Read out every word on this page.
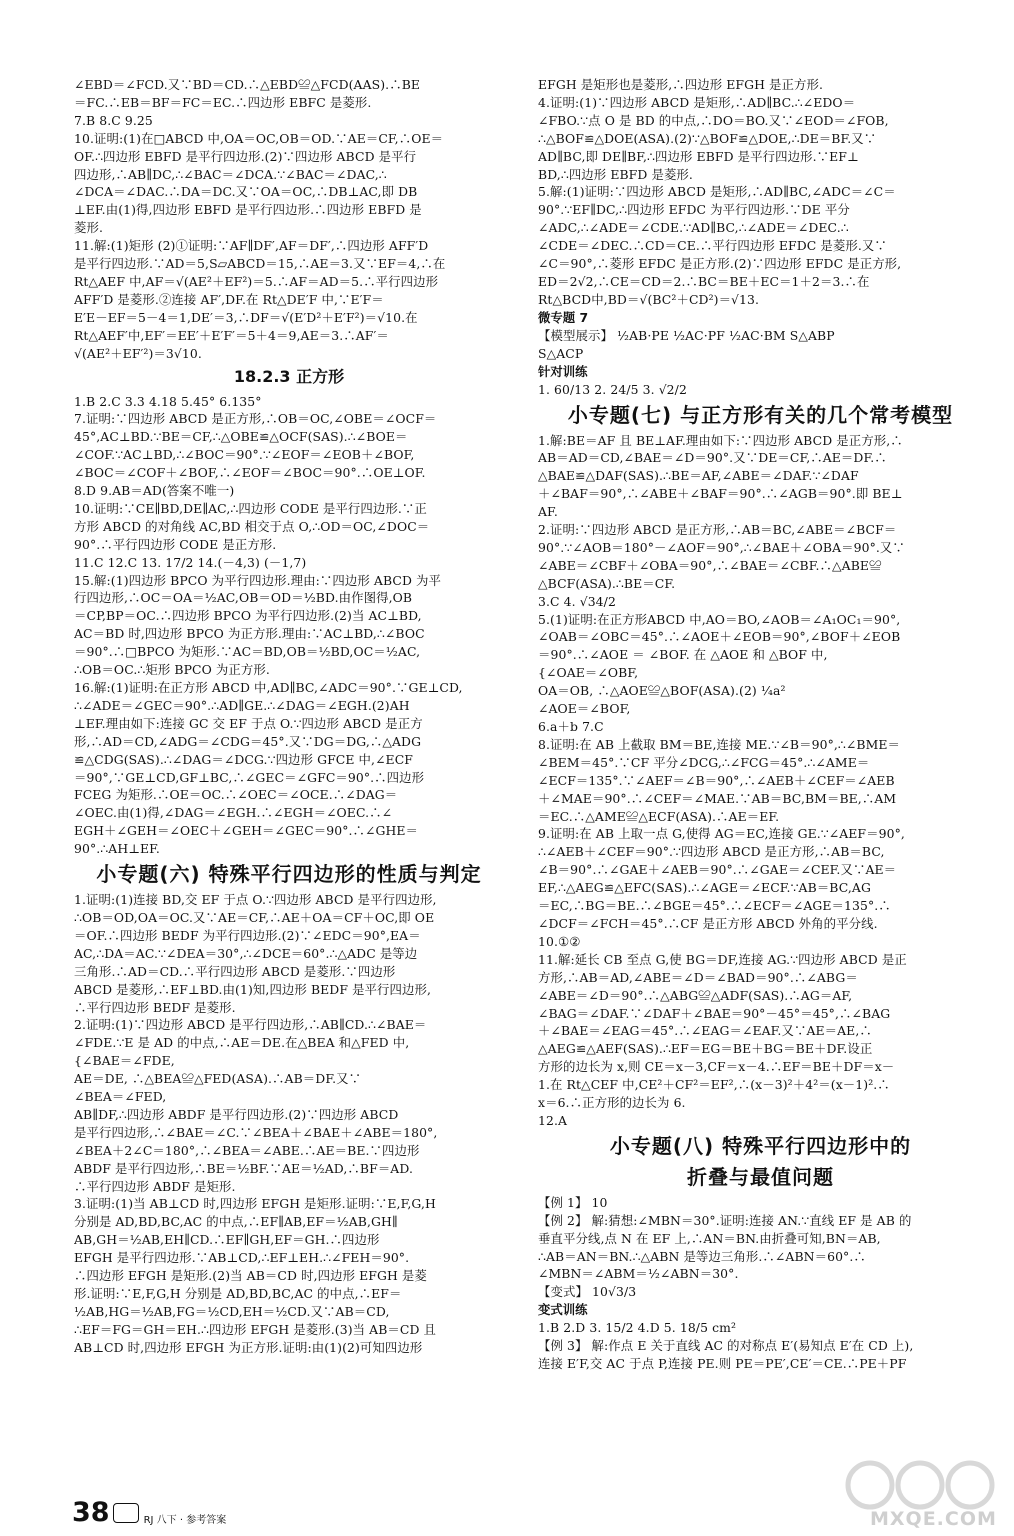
∠EBD＝∠FCD.又∵BD＝CD.∴△EBD≌△FCD(AAS).∴BE
＝FC.∴EB＝BF＝FC＝EC.∴四边形 EBFC 是菱形.
7.B 8.C 9.25
10.证明:(1)在□ABCD 中,OA＝OC,OB＝OD.∵AE＝CF,∴OE＝
OF.∴四边形 EBFD 是平行四边形.(2)∵四边形 ABCD 是平行
四边形,∴AB∥DC,∴∠BAC＝∠DCA.∵∠BAC＝∠DAC,∴
∠DCA＝∠DAC.∴DA＝DC.又∵OA＝OC,∴DB⊥AC,即 DB
⊥EF.由(1)得,四边形 EBFD 是平行四边形.∴四边形 EBFD 是
菱形.
11.解:(1)矩形 (2)①证明:∵AF∥DF′,AF＝DF′,∴四边形 AFF′D
是平行四边形.∵AD＝5,S▱ABCD＝15,∴AE＝3.又∵EF＝4,∴在
Rt△AEF 中,AF＝√(AE²＋EF²)＝5.∴AF＝AD＝5.∴平行四边形
AFF′D 是菱形.②连接 AF′,DF.在 Rt△DE′F 中,∵E′F＝
E′E－EF＝5－4＝1,DE′＝3,∴DF＝√(E′D²＋E′F²)＝√10.在
Rt△AEF′中,EF′＝EE′＋E′F′＝5＋4＝9,AE＝3.∴AF′＝
√(AE²＋EF′²)＝3√10.
18.2.3 正方形
1.B 2.C 3.3 4.18 5.45° 6.135°
7.证明:∵四边形 ABCD 是正方形,∴OB＝OC,∠OBE＝∠OCF＝
45°,AC⊥BD.∵BE＝CF,∴△OBE≌△OCF(SAS).∴∠BOE＝
∠COF.∵AC⊥BD,∴∠BOC＝90°.∵∠EOF＝∠EOB＋∠BOF,
∠BOC＝∠COF＋∠BOF,∴∠EOF＝∠BOC＝90°.∴OE⊥OF.
8.D 9.AB＝AD(答案不唯一)
10.证明:∵CE∥BD,DE∥AC,∴四边形 CODE 是平行四边形.∵正
方形 ABCD 的对角线 AC,BD 相交于点 O,∴OD＝OC,∠DOC＝
90°.∴平行四边形 CODE 是正方形.
11.C 12.C 13. 17/2 14.(－4,3) (－1,7)
15.解:(1)四边形 BPCO 为平行四边形.理由:∵四边形 ABCD 为平
行四边形,∴OC＝OA＝½AC,OB＝OD＝½BD.由作图得,OB
＝CP,BP＝OC.∴四边形 BPCO 为平行四边形.(2)当 AC⊥BD,
AC＝BD 时,四边形 BPCO 为正方形.理由:∵AC⊥BD,∴∠BOC
＝90°.∴□BPCO 为矩形.∵AC＝BD,OB＝½BD,OC＝½AC,
∴OB＝OC.∴矩形 BPCO 为正方形.
16.解:(1)证明:在正方形 ABCD 中,AD∥BC,∠ADC＝90°.∵GE⊥CD,
∴∠ADE＝∠GEC＝90°.∴AD∥GE.∴∠DAG＝∠EGH.(2)AH
⊥EF.理由如下:连接 GC 交 EF 于点 O.∵四边形 ABCD 是正方
形,∴AD＝CD,∠ADG＝∠CDG＝45°.又∵DG＝DG,∴△ADG
≌△CDG(SAS).∴∠DAG＝∠DCG.∵四边形 GFCE 中,∠ECF
＝90°,∵GE⊥CD,GF⊥BC,∴∠GEC＝∠GFC＝90°.∴四边形
FCEG 为矩形.∴OE＝OC.∴∠OEC＝∠OCE.∴∠DAG＝
∠OEC.由(1)得,∠DAG＝∠EGH.∴∠EGH＝∠OEC.∴∠
EGH＋∠GEH＝∠OEC＋∠GEH＝∠GEC＝90°.∴∠GHE＝
90°.∴AH⊥EF.
小专题(六) 特殊平行四边形的性质与判定
1.证明:(1)连接 BD,交 EF 于点 O.∵四边形 ABCD 是平行四边形,
∴OB＝OD,OA＝OC.又∵AE＝CF,∴AE＋OA＝CF＋OC,即 OE
＝OF.∴四边形 BEDF 为平行四边形.(2)∵∠EDC＝90°,EA＝
AC,∴DA＝AC.∵∠DEA＝30°,∴∠DCE＝60°.∴△ADC 是等边
三角形.∴AD＝CD.∴平行四边形 ABCD 是菱形.∵四边形
ABCD 是菱形,∴EF⊥BD.由(1)知,四边形 BEDF 是平行四边形,
∴平行四边形 BEDF 是菱形.
2.证明:(1)∵四边形 ABCD 是平行四边形,∴AB∥CD.∴∠BAE＝
∠FDE.∵E 是 AD 的中点,∴AE＝DE.在△BEA 和△FED 中,
{∠BAE＝∠FDE,
AE＝DE, ∴△BEA≌△FED(ASA).∴AB＝DF.又∵
∠BEA＝∠FED,
AB∥DF,∴四边形 ABDF 是平行四边形.(2)∵四边形 ABCD
是平行四边形,∴∠BAE＝∠C.∵∠BEA＋∠BAE＋∠ABE＝180°,
∠BEA＋2∠C＝180°,∴∠BEA＝∠ABE.∴AE＝BE.∵四边形
ABDF 是平行四边形,∴BE＝½BF.∵AE＝½AD,∴BF＝AD.
∴平行四边形 ABDF 是矩形.
3.证明:(1)当 AB⊥CD 时,四边形 EFGH 是矩形.证明:∵E,F,G,H
分别是 AD,BD,BC,AC 的中点,∴EF∥AB,EF＝½AB,GH∥
AB,GH＝½AB,EH∥CD.∴EF∥GH,EF＝GH.∴四边形
EFGH 是平行四边形.∵AB⊥CD,∴EF⊥EH.∴∠FEH＝90°.
∴四边形 EFGH 是矩形.(2)当 AB＝CD 时,四边形 EFGH 是菱
形.证明:∵E,F,G,H 分别是 AD,BD,BC,AC 的中点,∴EF＝
½AB,HG＝½AB,FG＝½CD,EH＝½CD.又∵AB＝CD,
∴EF＝FG＝GH＝EH.∴四边形 EFGH 是菱形.(3)当 AB＝CD 且
AB⊥CD 时,四边形 EFGH 为正方形.证明:由(1)(2)可知四边形
EFGH 是矩形也是菱形,∴四边形 EFGH 是正方形.
4.证明:(1)∵四边形 ABCD 是矩形,∴AD∥BC.∴∠EDO＝
∠FBO.∵点 O 是 BD 的中点,∴DO＝BO.又∵∠EOD＝∠FOB,
∴△BOF≌△DOE(ASA).(2)∵△BOF≌△DOE,∴DE＝BF.又∵
AD∥BC,即 DE∥BF,∴四边形 EBFD 是平行四边形.∵EF⊥
BD,∴四边形 EBFD 是菱形.
5.解:(1)证明:∵四边形 ABCD 是矩形,∴AD∥BC,∠ADC＝∠C＝
90°.∵EF∥DC,∴四边形 EFDC 为平行四边形.∵DE 平分
∠ADC,∴∠ADE＝∠CDE.∵AD∥BC,∴∠ADE＝∠DEC.∴
∠CDE＝∠DEC.∴CD＝CE.∴平行四边形 EFDC 是菱形.又∵
∠C＝90°,∴菱形 EFDC 是正方形.(2)∵四边形 EFDC 是正方形,
ED＝2√2,∴CE＝CD＝2.∴BC＝BE＋EC＝1＋2＝3.∴在
Rt△BCD中,BD＝√(BC²＋CD²)＝√13.
微专题 7
【模型展示】 ½AB·PE ½AC·PF ½AC·BM S△ABP
S△ACP
针对训练
1. 60/13 2. 24/5 3. √2/2
小专题(七) 与正方形有关的几个常考模型
1.解:BE＝AF 且 BE⊥AF.理由如下:∵四边形 ABCD 是正方形,∴
AB＝AD＝CD,∠BAE＝∠D＝90°.又∵DE＝CF,∴AE＝DF.∴
△BAE≌△DAF(SAS).∴BE＝AF,∠ABE＝∠DAF.∵∠DAF
＋∠BAF＝90°,∴∠ABE＋∠BAF＝90°.∴∠AGB＝90°.即 BE⊥
AF.
2.证明:∵四边形 ABCD 是正方形,∴AB＝BC,∠ABE＝∠BCF＝
90°.∵∠AOB＝180°－∠AOF＝90°,∴∠BAE＋∠OBA＝90°.又∵
∠ABE＝∠CBF＋∠OBA＝90°,∴∠BAE＝∠CBF.∴△ABE≌
△BCF(ASA).∴BE＝CF.
3.C 4. √34/2
5.(1)证明:在正方形ABCD 中,AO＝BO,∠AOB＝∠A₁OC₁＝90°,
∠OAB＝∠OBC＝45°.∴∠AOE＋∠EOB＝90°,∠BOF＋∠EOB
＝90°.∴∠AOE ＝ ∠BOF. 在 △AOE 和 △BOF 中,
{∠OAE＝∠OBF,
OA＝OB, ∴△AOE≌△BOF(ASA).(2) ¼a²
∠AOE＝∠BOF,
6.a＋b 7.C
8.证明:在 AB 上截取 BM＝BE,连接 ME.∵∠B＝90°,∴∠BME＝
∠BEM＝45°.∵CF 平分∠DCG,∴∠FCG＝45°.∴∠AME＝
∠ECF＝135°.∵∠AEF＝∠B＝90°,∴∠AEB＋∠CEF＝∠AEB
＋∠MAE＝90°.∴∠CEF＝∠MAE.∵AB＝BC,BM＝BE,∴AM
＝EC.∴△AME≌△ECF(ASA).∴AE＝EF.
9.证明:在 AB 上取一点 G,使得 AG＝EC,连接 GE.∵∠AEF＝90°,
∴∠AEB＋∠CEF＝90°.∵四边形 ABCD 是正方形,∴AB＝BC,
∠B＝90°.∴∠GAE＋∠AEB＝90°.∴∠GAE＝∠CEF.又∵AE＝
EF,∴△AEG≌△EFC(SAS).∴∠AGE＝∠ECF.∵AB＝BC,AG
＝EC,∴BG＝BE.∴∠BGE＝45°.∴∠ECF＝∠AGE＝135°.∴
∠DCF＝∠FCH＝45°.∴CF 是正方形 ABCD 外角的平分线.
10.①②
11.解:延长 CB 至点 G,使 BG＝DF,连接 AG.∵四边形 ABCD 是正
方形,∴AB＝AD,∠ABE＝∠D＝∠BAD＝90°.∴∠ABG＝
∠ABE＝∠D＝90°.∴△ABG≌△ADF(SAS).∴AG＝AF,
∠BAG＝∠DAF.∵∠DAF＋∠BAE＝90°－45°＝45°,∴∠BAG
＋∠BAE＝∠EAG＝45°.∴∠EAG＝∠EAF.又∵AE＝AE,∴
△AEG≌△AEF(SAS).∴EF＝EG＝BE＋BG＝BE＋DF.设正
方形的边长为 x,则 CE＝x－3,CF＝x－4.∴EF＝BE＋DF＝x－
1.在 Rt△CEF 中,CE²＋CF²＝EF²,∴(x－3)²＋4²＝(x－1)².∴
x＝6.∴正方形的边长为 6.
12.A
小专题(八) 特殊平行四边形中的
折叠与最值问题
【例 1】 10
【例 2】 解:猜想:∠MBN＝30°.证明:连接 AN.∵直线 EF 是 AB 的
垂直平分线,点 N 在 EF 上,∴AN＝BN.由折叠可知,BN＝AB,
∴AB＝AN＝BN.∴△ABN 是等边三角形.∴∠ABN＝60°.∴
∠MBN＝∠ABM＝½∠ABN＝30°.
【变式】 10√3/3
变式训练
1.B 2.D 3. 15/2 4.D 5. 18/5 cm²
【例 3】 解:作点 E 关于直线 AC 的对称点 E′(易知点 E′在 CD 上),
连接 E′F,交 AC 于点 P,连接 PE.则 PE＝PE′,CE′＝CE.∴PE＋PF
38	RJ 八下 · 参考答案	MXQE.COM
